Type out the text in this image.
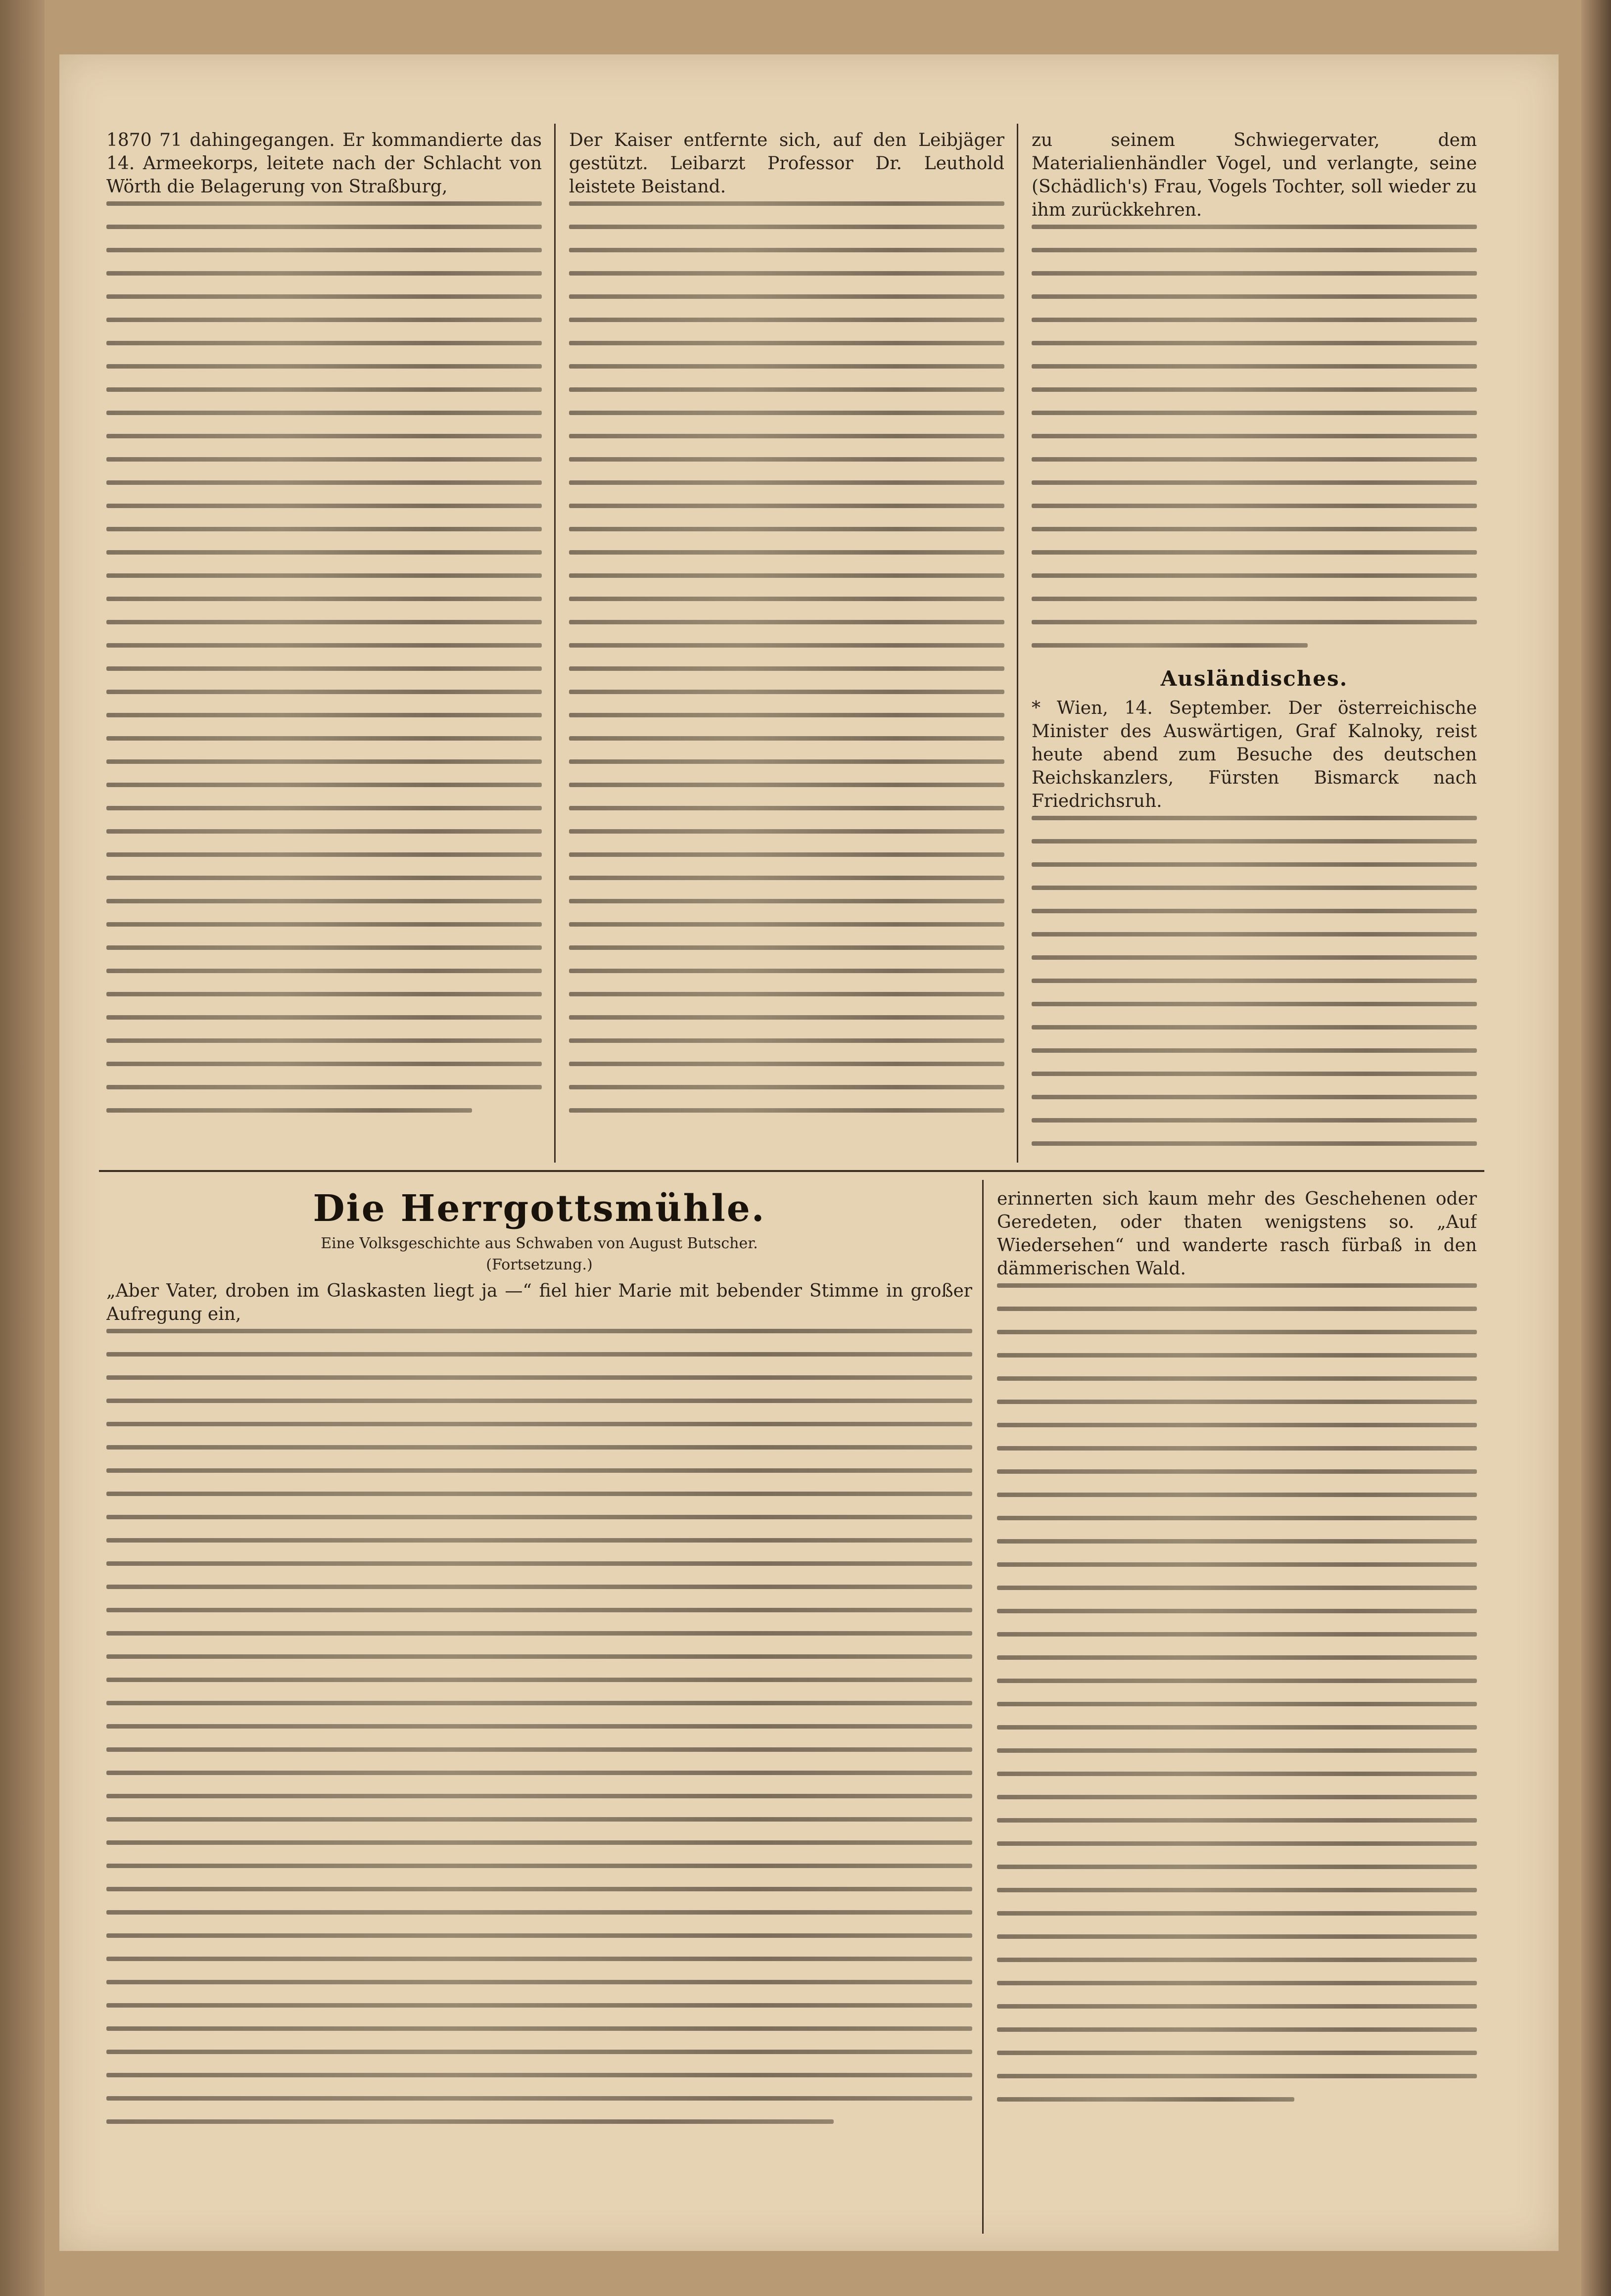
1870 71 dahingegangen. Er kommandierte das 14. Armeekorps, leitete nach der Schlacht von Wörth die Belagerung von Straßburg,

Der Kaiser entfernte sich, auf den Leibjäger gestützt. Leibarzt Professor Dr. Leuthold leistete Beistand.

zu seinem Schwiegervater, dem Materialienhändler Vogel, und verlangte, seine (Schädlich's) Frau, Vogels Tochter, soll wieder zu ihm zurückkehren.

Ausländisches.

* Wien, 14. September. Der österreichische Minister des Auswärtigen, Graf Kalnoky, reist heute abend zum Besuche des deutschen Reichskanzlers, Fürsten Bismarck nach Friedrichsruh.

Die Herrgottsmühle.
Eine Volksgeschichte aus Schwaben von August Butscher.
(Fortsetzung.)

„Aber Vater, droben im Glaskasten liegt ja —“ fiel hier Marie mit bebender Stimme in großer Aufregung ein,

erinnerten sich kaum mehr des Geschehenen oder Geredeten, oder thaten wenigstens so. „Auf Wiedersehen“ und wanderte rasch fürbaß in den dämmerischen Wald.
